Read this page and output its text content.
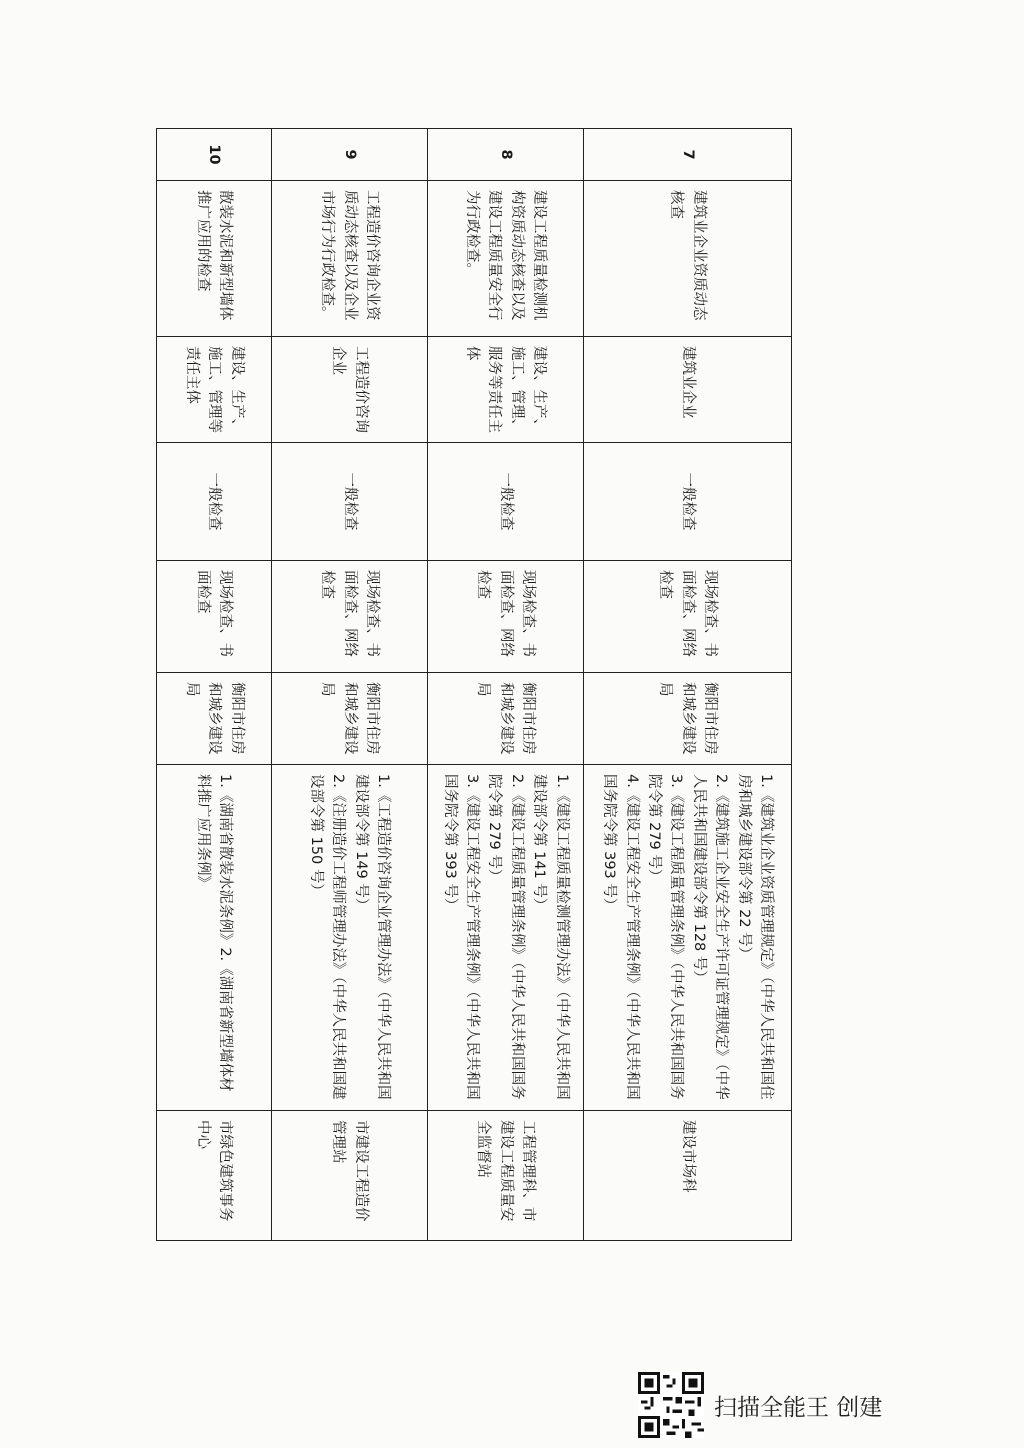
7	建筑业企业资质动态核查	建筑业企业	一般检查	现场检查、书面检查、网络检查	衡阳市住房和城乡建设局	1.《建筑业企业资质管理规定》（中华人民共和国住房和城乡建设部令第 22 号）
2.《建筑施工企业安全生产许可证管理规定》（中华人民共和国建设部令第 128 号）
3.《建设工程质量管理条例》（中华人民共和国国务院令第 279 号）
4.《建设工程安全生产管理条例》（中华人民共和国国务院令第 393 号）	建设市场科
8	建设工程质量检测机构资质动态核查以及建设工程质量安全行为行政检查。	建设、生产、施工、管理、服务等责任主体	一般检查	现场检查、书面检查、网络检查	衡阳市住房和城乡建设局	1.《建设工程质量检测管理办法》（中华人民共和国建设部令第 141 号）
2.《建设工程质量管理条例》（中华人民共和国国务院令第 279 号）
3.《建设工程安全生产管理条例》（中华人民共和国国务院令第 393 号）	工程管理科、市建设工程质量安全监督站
9	工程造价咨询企业资质动态核查以及企业市场行为行政检查。	工程造价咨询企业	一般检查	现场检查、书面检查、网络检查	衡阳市住房和城乡建设局	1.《工程造价咨询企业管理办法》（中华人民共和国建设部令第 149 号）
2.《注册造价工程师管理办法》（中华人民共和国建设部令第 150 号）	市建设工程造价管理站
10	散装水泥和新型墙体推广应用的检查	建设、生产、施工、管理等责任主体	一般检查	现场检查、书面检查	衡阳市住房和城乡建设局	1.《湖南省散装水泥条例》2.《湖南省新型墙体材料推广应用条例》	市绿色建筑事务中心
扫描全能王 创建
